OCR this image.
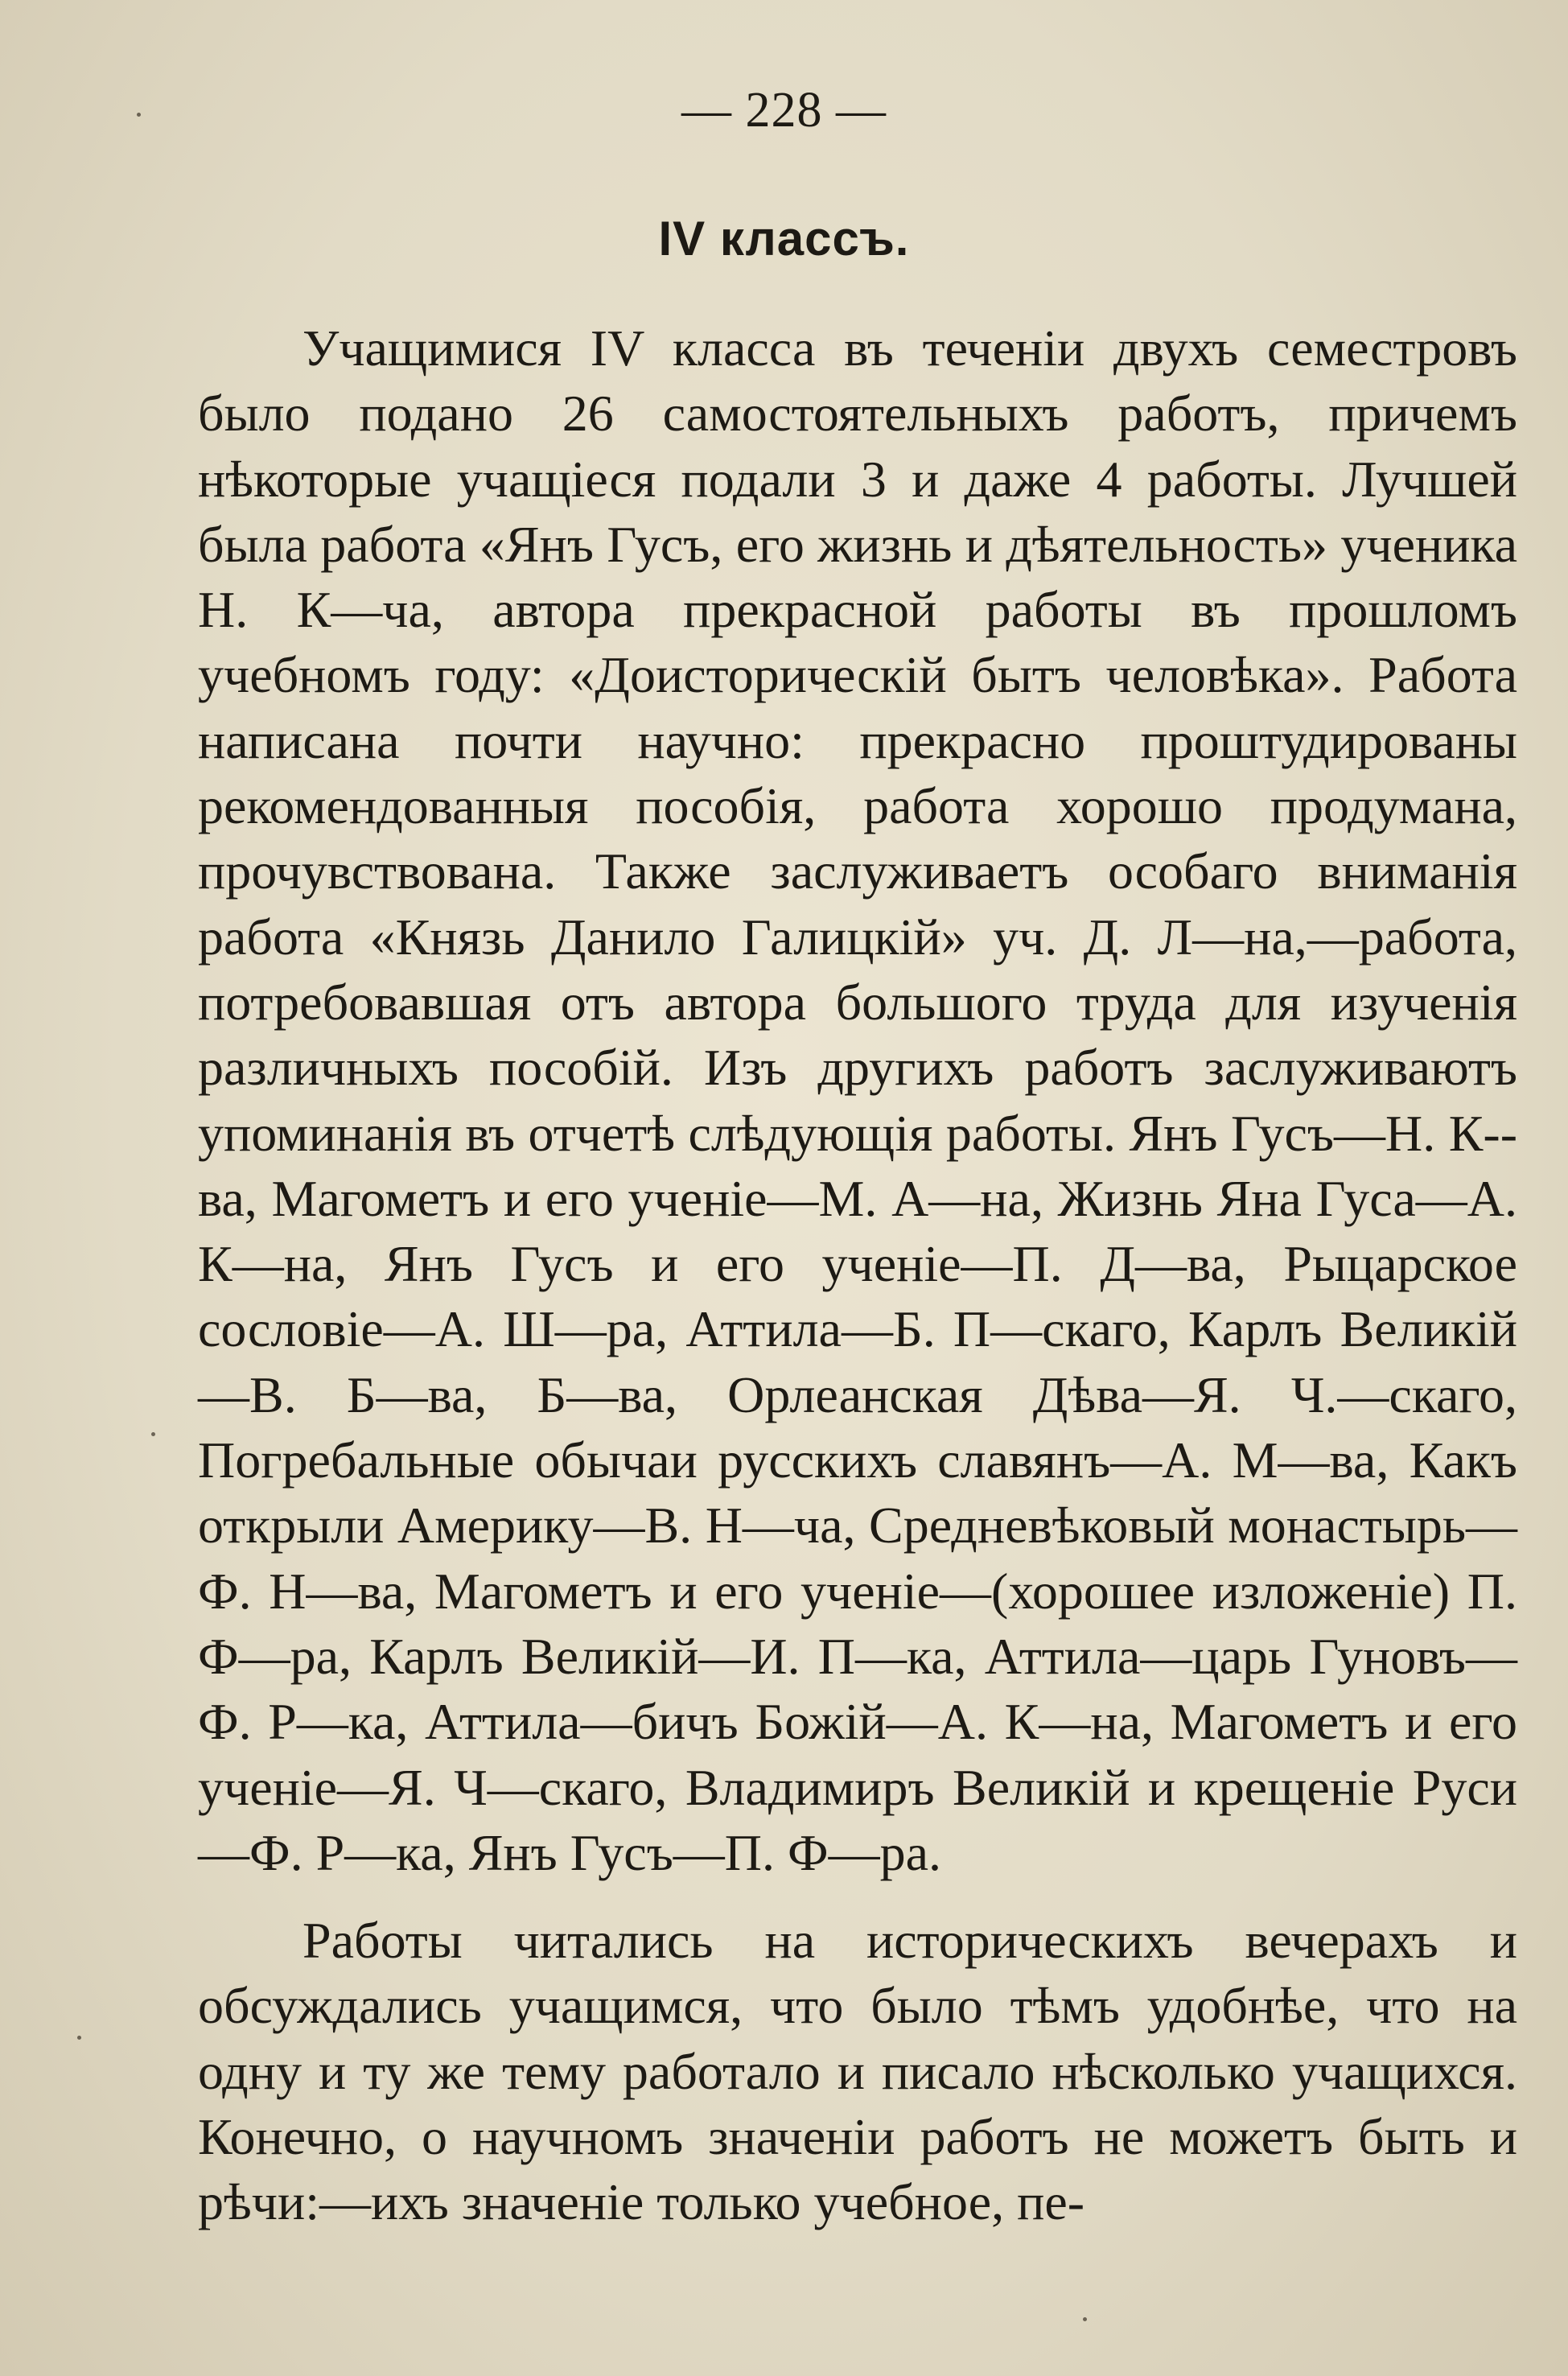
— 228 —
IV классъ.

Учащимися IV класса въ теченіи двухъ семестровъ было подано 26 самостоятельныхъ работъ, причемъ нѣкоторые учащіеся подали 3 и даже 4 работы. Лучшей была работа «Янъ Гусъ, его жизнь и дѣятельность» ученика Н. К—ча, автора прекрасной работы въ прошломъ учебномъ году: «Доисторическій бытъ человѣка». Работа написана почти научно: прекрасно проштудированы рекомендованныя пособія, работа хорошо продумана, прочувствована. Также заслуживаетъ особаго вниманія работа «Князь Данило Галицкій» уч. Д. Л—на,—работа, потребовавшая отъ автора большого труда для изученія различныхъ пособій. Изъ другихъ работъ заслуживаютъ упоминанія въ отчетѣ слѣдующія работы. Янъ Гусъ—Н. К-- ва, Магометъ и его ученіе—М. А—на, Жизнь Яна Гуса—А. К—на, Янъ Гусъ и его ученіе—П. Д—ва, Рыцарское сословіе—А. Ш—ра, Аттила—Б. П—скаго, Карлъ Великій—В. Б—ва, Б—ва, Орлеанская Дѣва—Я. Ч.—скаго, Погребальные обычаи русскихъ славянъ—А. М—ва, Какъ открыли Америку—В. Н—ча, Средневѣковый монастырь—Ф. Н—ва, Магометъ и его ученіе—(хорошее изложеніе) П. Ф—ра, Карлъ Великій—И. П—ка, Аттила—царь Гуновъ—Ф. Р—ка, Аттила—бичъ Божій—А. К—на, Магометъ и его ученіе—Я. Ч—скаго, Владимиръ Великій и крещеніе Руси—Ф. Р—ка, Янъ Гусъ—П. Ф—ра.

Работы читались на историческихъ вечерахъ и обсуждались учащимся, что было тѣмъ удобнѣе, что на одну и ту же тему работало и писало нѣсколько учащихся. Конечно, о научномъ значеніи работъ не можетъ быть и рѣчи:—ихъ значеніе только учебное, пе-
